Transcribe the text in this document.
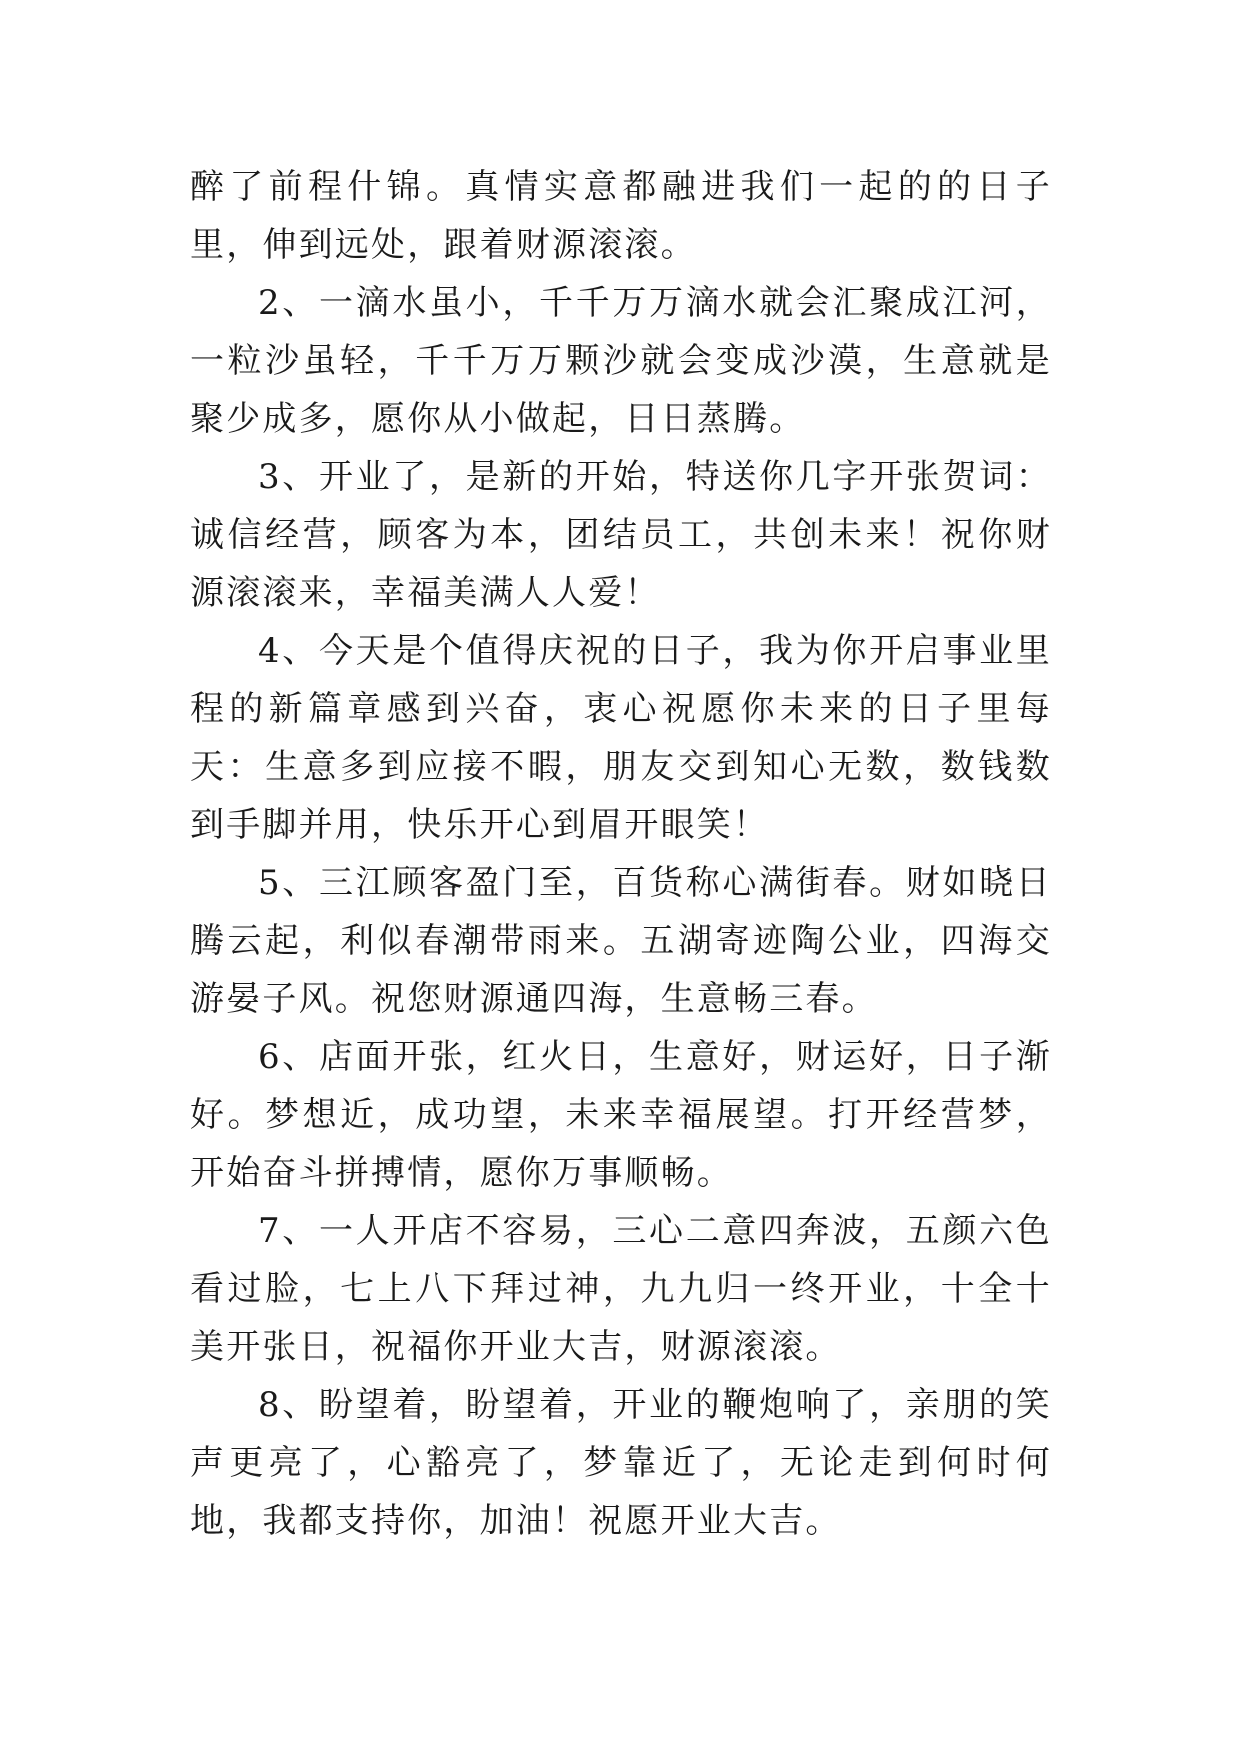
醉了前程什锦。真情实意都融进我们一起的的日子里，伸到远处，跟着财源滚滚。

2、一滴水虽小，千千万万滴水就会汇聚成江河，一粒沙虽轻，千千万万颗沙就会变成沙漠，生意就是聚少成多，愿你从小做起，日日蒸腾。

3、开业了，是新的开始，特送你几字开张贺词：诚信经营，顾客为本，团结员工，共创未来！祝你财源滚滚来，幸福美满人人爱！

4、今天是个值得庆祝的日子，我为你开启事业里程的新篇章感到兴奋，衷心祝愿你未来的日子里每天：生意多到应接不暇，朋友交到知心无数，数钱数到手脚并用，快乐开心到眉开眼笑！

5、三江顾客盈门至，百货称心满街春。财如晓日腾云起，利似春潮带雨来。五湖寄迹陶公业，四海交游晏子风。祝您财源通四海，生意畅三春。

6、店面开张，红火日，生意好，财运好，日子渐好。梦想近，成功望，未来幸福展望。打开经营梦，开始奋斗拼搏情，愿你万事顺畅。

7、一人开店不容易，三心二意四奔波，五颜六色看过脸，七上八下拜过神，九九归一终开业，十全十美开张日，祝福你开业大吉，财源滚滚。

8、盼望着，盼望着，开业的鞭炮响了，亲朋的笑声更亮了，心豁亮了，梦靠近了，无论走到何时何地，我都支持你，加油！祝愿开业大吉。
